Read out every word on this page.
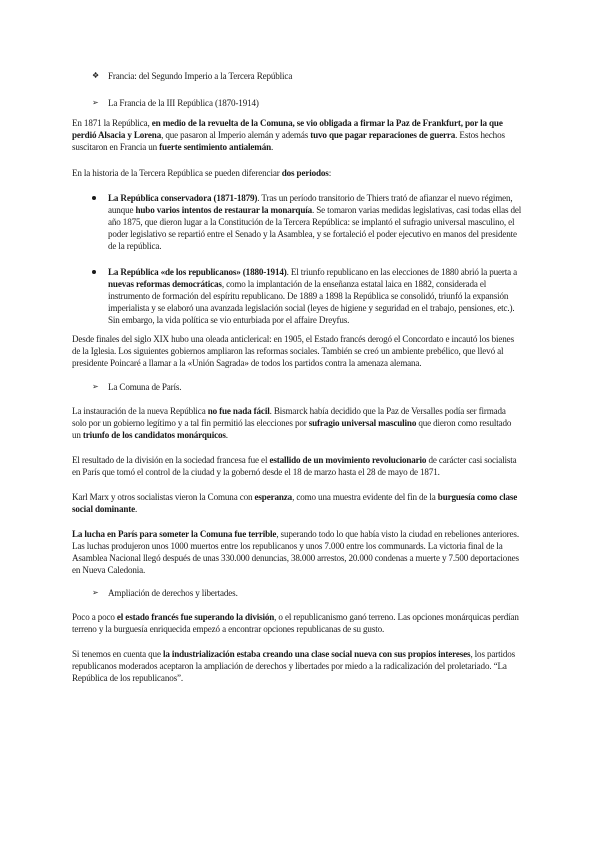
❖ Francia: del Segundo Imperio a la Tercera República
➢ La Francia de la III República (1870-1914)

En 1871 la República, en medio de la revuelta de la Comuna, se vio obligada a firmar la Paz de Frankfurt, por la que perdió Alsacia y Lorena, que pasaron al Imperio alemán y además tuvo que pagar reparaciones de guerra. Estos hechos suscitaron en Francia un fuerte sentimiento antialemán.

En la historia de la Tercera República se pueden diferenciar dos periodos:

La República conservadora (1871-1879). Tras un período transitorio de Thiers trató de afianzar el nuevo régimen, aunque hubo varios intentos de restaurar la monarquía. Se tomaron varias medidas legislativas, casi todas ellas del año 1875, que dieron lugar a la Constitución de la Tercera República: se implantó el sufragio universal masculino, el poder legislativo se repartió entre el Senado y la Asamblea, y se fortaleció el poder ejecutivo en manos del presidente de la república.

La República «de los republicanos» (1880-1914). El triunfo republicano en las elecciones de 1880 abrió la puerta a nuevas reformas democráticas, como la implantación de la enseñanza estatal laica en 1882, considerada el instrumento de formación del espíritu republicano. De 1889 a 1898 la República se consolidó, triunfó la expansión imperialista y se elaboró una avanzada legislación social (leyes de higiene y seguridad en el trabajo, pensiones, etc.). Sin embargo, la vida política se vio enturbiada por el affaire Dreyfus.

Desde finales del siglo XIX hubo una oleada anticlerical: en 1905, el Estado francés derogó el Concordato e incautó los bienes de la Iglesia. Los siguientes gobiernos ampliaron las reformas sociales. También se creó un ambiente prebélico, que llevó al presidente Poincaré a llamar a la «Unión Sagrada» de todos los partidos contra la amenaza alemana.

➢ La Comuna de París.

La instauración de la nueva República no fue nada fácil. Bismarck había decidido que la Paz de Versalles podía ser firmada solo por un gobierno legítimo y a tal fin permitió las elecciones por sufragio universal masculino que dieron como resultado un triunfo de los candidatos monárquicos.

El resultado de la división en la sociedad francesa fue el estallido de un movimiento revolucionario de carácter casi socialista en París que tomó el control de la ciudad y la gobernó desde el 18 de marzo hasta el 28 de mayo de 1871.

Karl Marx y otros socialistas vieron la Comuna con esperanza, como una muestra evidente del fin de la burguesía como clase social dominante.

La lucha en París para someter la Comuna fue terrible, superando todo lo que había visto la ciudad en rebeliones anteriores. Las luchas produjeron unos 1000 muertos entre los republicanos y unos 7.000 entre los communards. La victoria final de la Asamblea Nacional llegó después de unas 330.000 denuncias, 38.000 arrestos, 20.000 condenas a muerte y 7.500 deportaciones en Nueva Caledonia.

➢ Ampliación de derechos y libertades.

Poco a poco el estado francés fue superando la división, o el republicanismo ganó terreno. Las opciones monárquicas perdían terreno y la burguesía enriquecida empezó a encontrar opciones republicanas de su gusto.

Si tenemos en cuenta que la industrialización estaba creando una clase social nueva con sus propios intereses, los partidos republicanos moderados aceptaron la ampliación de derechos y libertades por miedo a la radicalización del proletariado. “La República de los republicanos”.
